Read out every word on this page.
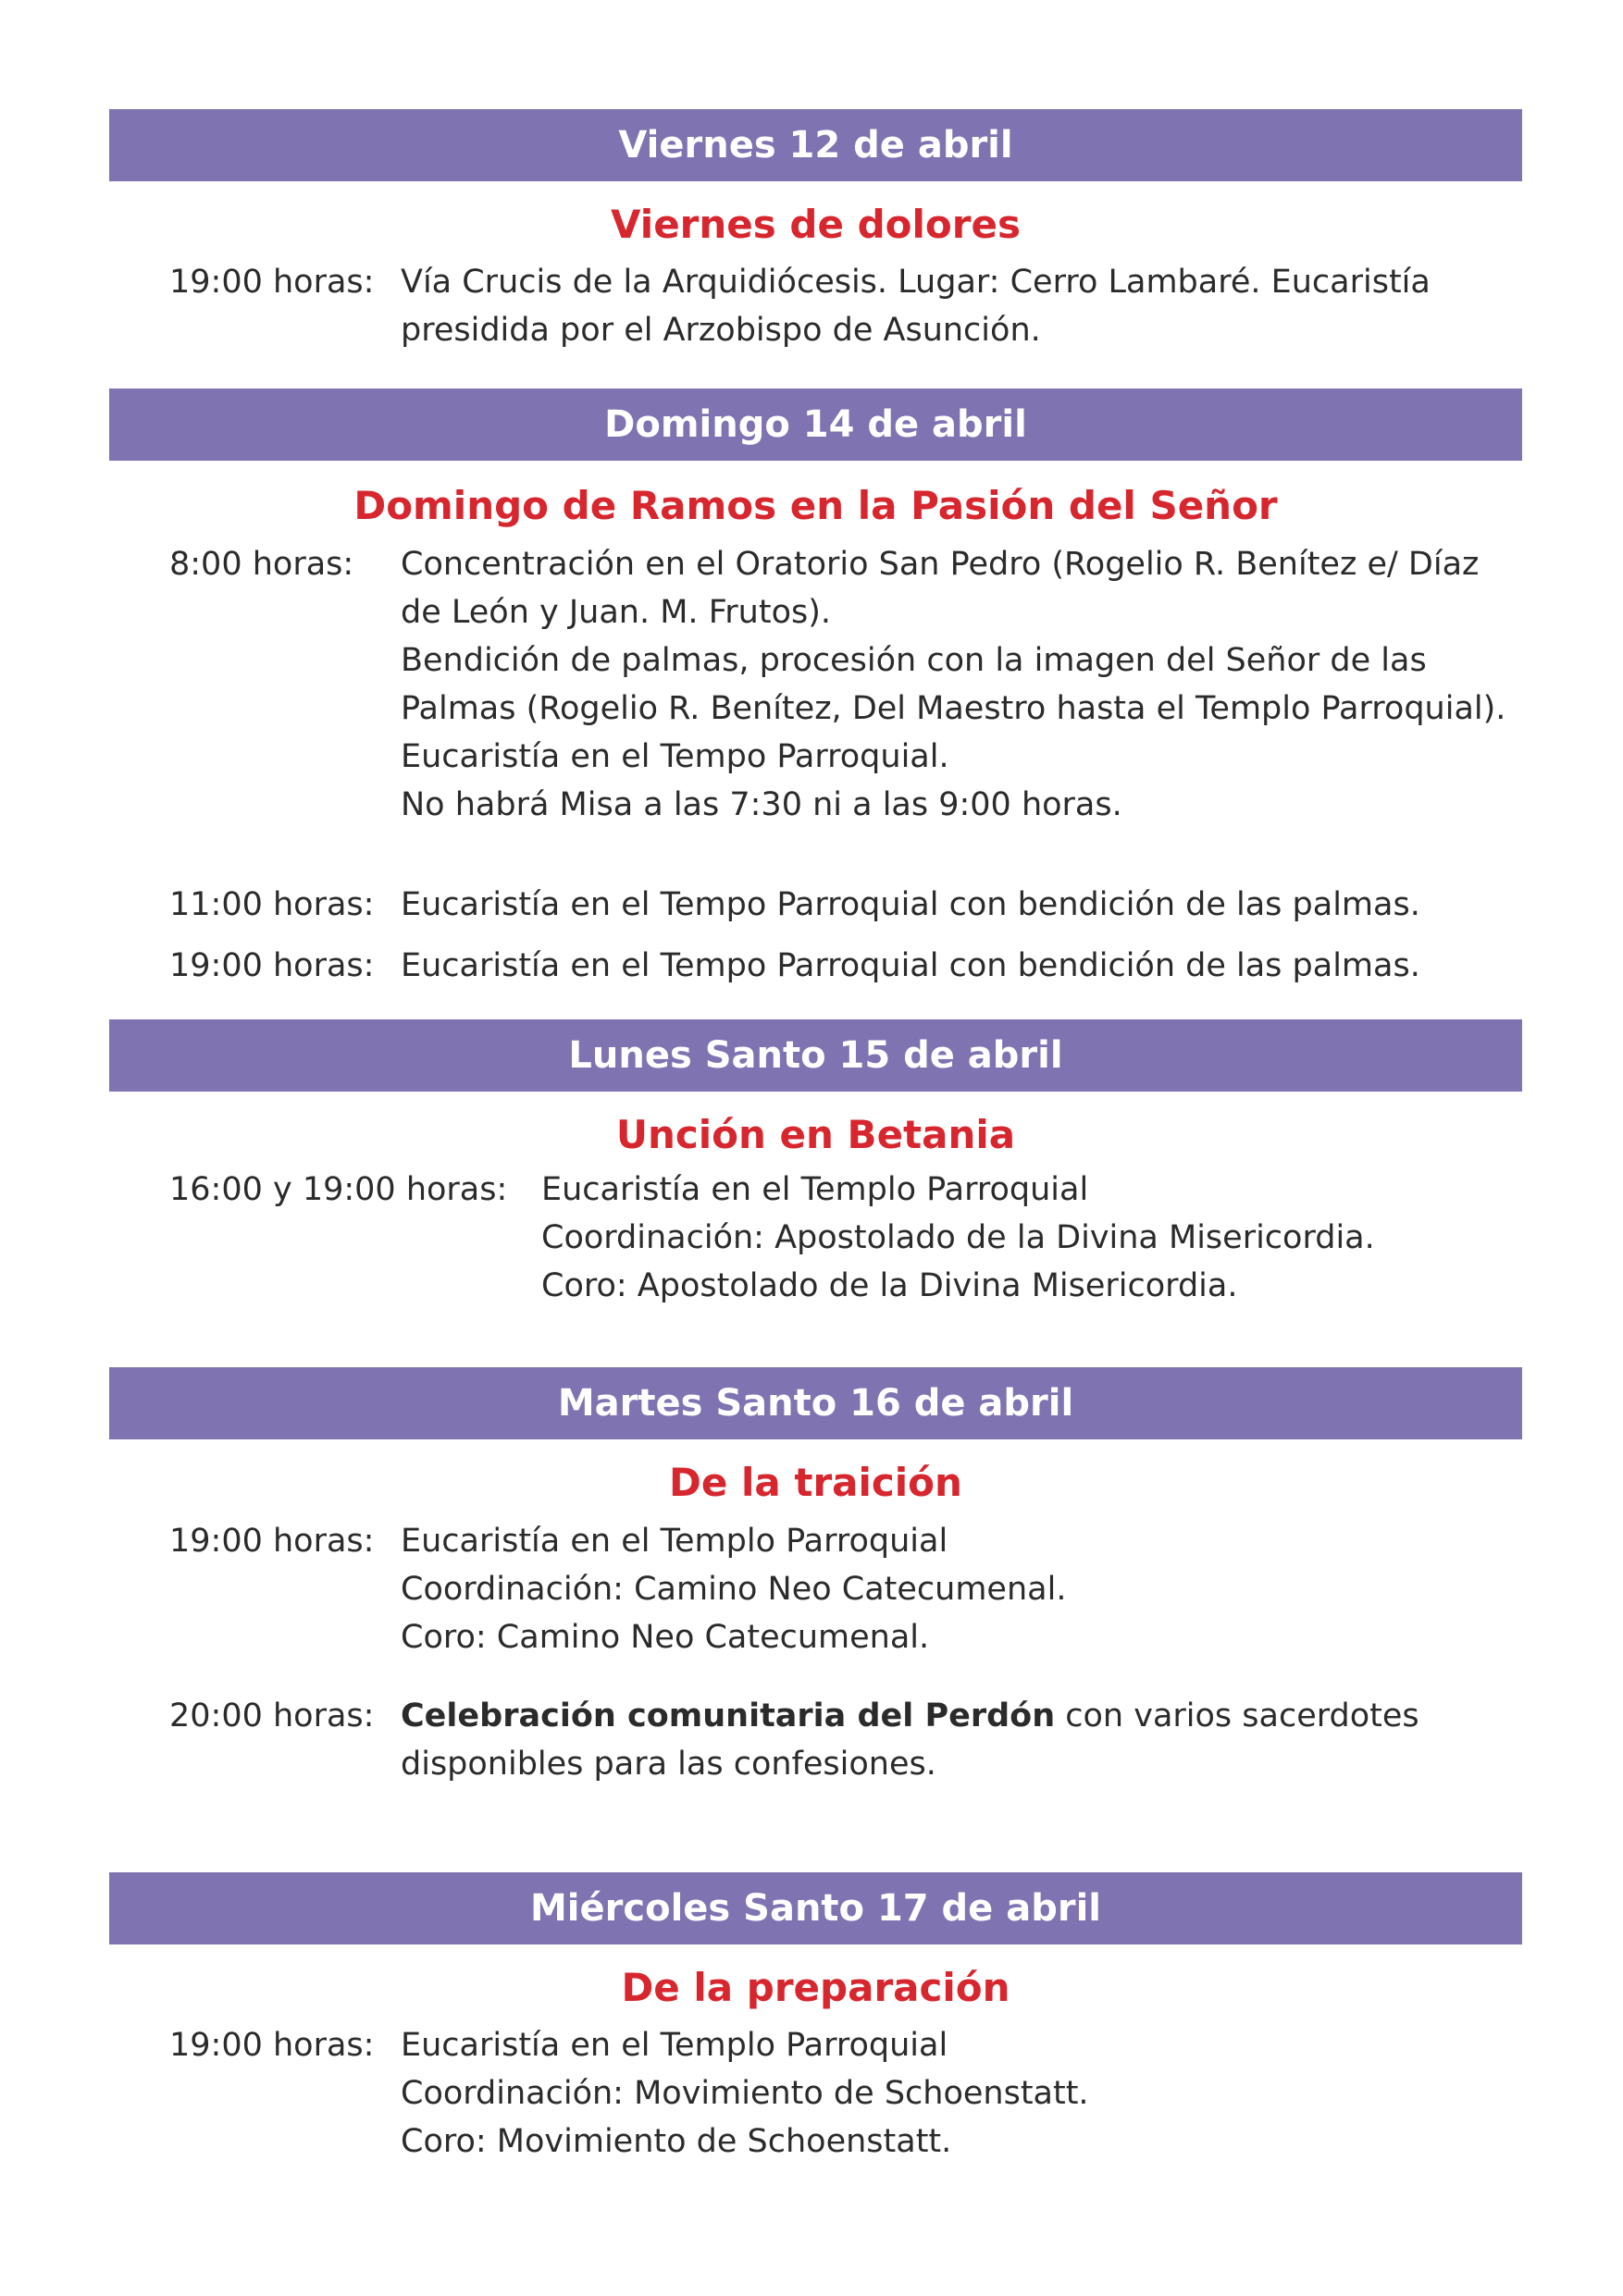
Viernes 12 de abril
Viernes de dolores
19:00 horas: Vía Crucis de la Arquidiócesis. Lugar: Cerro Lambaré. Eucaristía
presidida por el Arzobispo de Asunción.
Domingo 14 de abril
Domingo de Ramos en la Pasión del Señor
8:00 horas: Concentración en el Oratorio San Pedro (Rogelio R. Benítez e/ Díaz
de León y Juan. M. Frutos).
Bendición de palmas, procesión con la imagen del Señor de las
Palmas (Rogelio R. Benítez, Del Maestro hasta el Templo Parroquial).
Eucaristía en el Tempo Parroquial.
No habrá Misa a las 7:30 ni a las 9:00 horas.
11:00 horas: Eucaristía en el Tempo Parroquial con bendición de las palmas.
19:00 horas: Eucaristía en el Tempo Parroquial con bendición de las palmas.
Lunes Santo 15 de abril
Unción en Betania
16:00 y 19:00 horas: Eucaristía en el Templo Parroquial
Coordinación: Apostolado de la Divina Misericordia.
Coro: Apostolado de la Divina Misericordia.
Martes Santo 16 de abril
De la traición
19:00 horas: Eucaristía en el Templo Parroquial
Coordinación: Camino Neo Catecumenal.
Coro: Camino Neo Catecumenal.
20:00 horas: Celebración comunitaria del Perdón con varios sacerdotes
disponibles para las confesiones.
Miércoles Santo 17 de abril
De la preparación
19:00 horas: Eucaristía en el Templo Parroquial
Coordinación: Movimiento de Schoenstatt.
Coro: Movimiento de Schoenstatt.
